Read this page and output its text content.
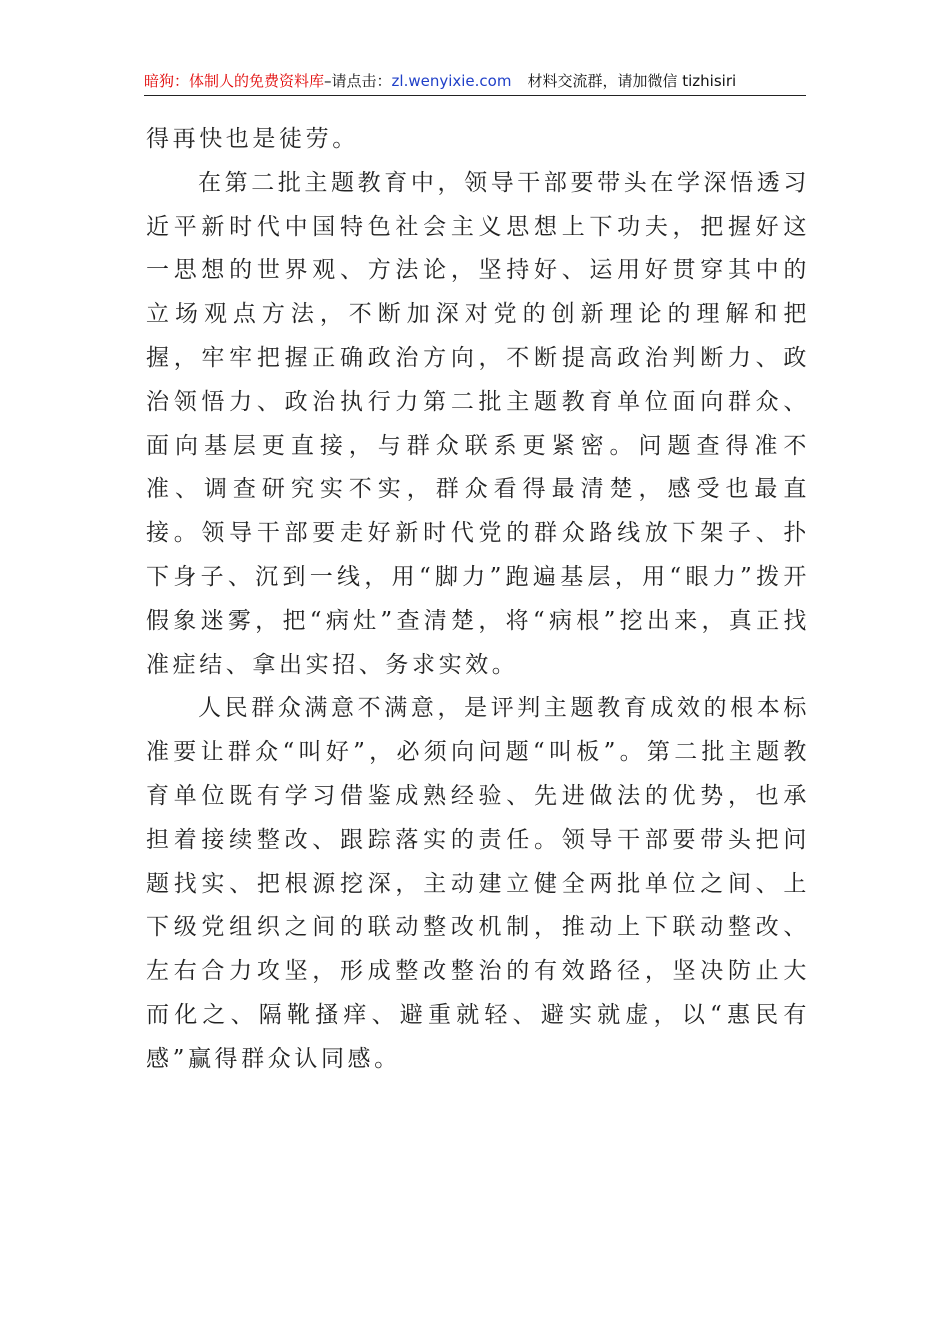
暗狗：体制人的免费资料库–请点击：zl.wenyixie.com 材料交流群，请加微信 tizhisiri

得再快也是徒劳。

在第二批主题教育中，领导干部要带头在学深悟透习近平新时代中国特色社会主义思想上下功夫，把握好这一思想的世界观、方法论，坚持好、运用好贯穿其中的立场观点方法，不断加深对党的创新理论的理解和把握，牢牢把握正确政治方向，不断提高政治判断力、政治领悟力、政治执行力第二批主题教育单位面向群众、面向基层更直接，与群众联系更紧密。问题查得准不准、调查研究实不实，群众看得最清楚，感受也最直接。领导干部要走好新时代党的群众路线放下架子、扑下身子、沉到一线，用“脚力”跑遍基层，用“眼力”拨开假象迷雾，把“病灶”查清楚，将“病根”挖出来，真正找准症结、拿出实招、务求实效。

人民群众满意不满意，是评判主题教育成效的根本标准要让群众“叫好”，必须向问题“叫板”。第二批主题教育单位既有学习借鉴成熟经验、先进做法的优势，也承担着接续整改、跟踪落实的责任。领导干部要带头把问题找实、把根源挖深，主动建立健全两批单位之间、上下级党组织之间的联动整改机制，推动上下联动整改、左右合力攻坚，形成整改整治的有效路径，坚决防止大而化之、隔靴搔痒、避重就轻、避实就虚，以“惠民有感”赢得群众认同感。
